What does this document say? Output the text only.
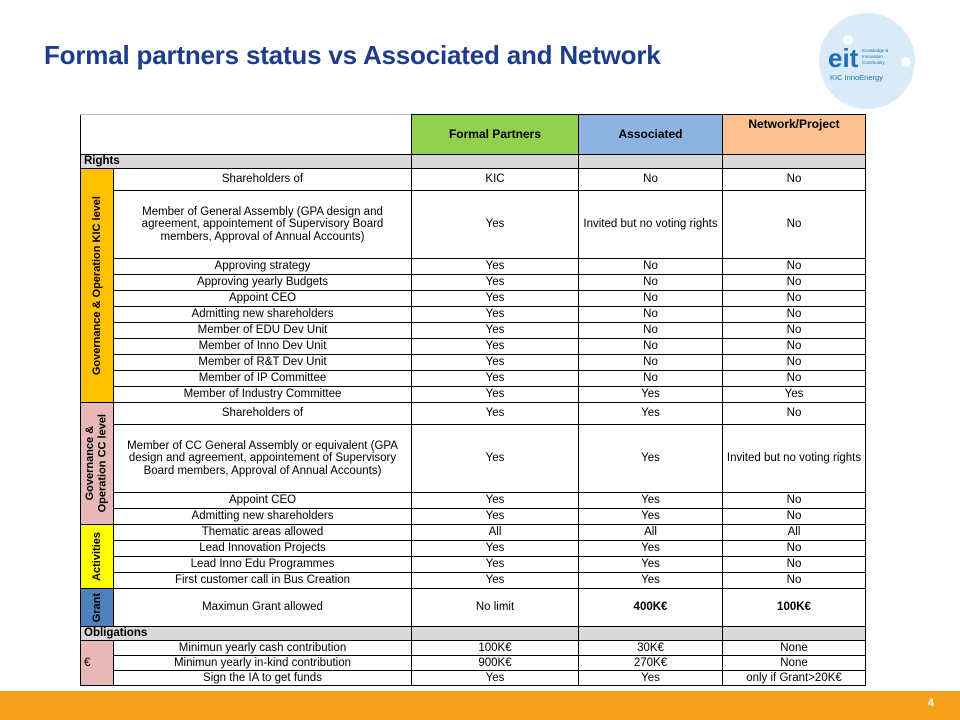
Formal partners status vs Associated and Network	eit Knowledge &
Innovation
Community
KIC InnoEnergy
		Formal Partners	Associated	Network/Project
Rights				

Governance & Operation KIC level	Shareholders of	KIC	No	No
	Member of General Assembly (GPA design and agreement, appointement of Supervisory Board members, Approval of Annual Accounts)	Yes	Invited but no voting rights	No
	Approving strategy	Yes	No	No
	Approving yearly Budgets	Yes	No	No
	Appoint CEO	Yes	No	No
	Admitting new shareholders	Yes	No	No
	Member of EDU Dev Unit	Yes	No	No
	Member of Inno Dev Unit	Yes	No	No
	Member of R&T Dev Unit	Yes	No	No
	Member of IP Committee	Yes	No	No
	Member of Industry Committee	Yes	Yes	Yes

Governance &
Operation CC level	Shareholders of	Yes	Yes	No
	Member of CC General Assembly or equivalent (GPA design and agreement, appointement of Supervisory Board members, Approval of Annual Accounts)	Yes	Yes	Invited but no voting rights
	Appoint CEO	Yes	Yes	No
	Admitting new shareholders	Yes	Yes	No

Activities	Thematic areas allowed	All	All	All
	Lead Innovation Projects	Yes	Yes	No
	Lead Inno Edu Programmes	Yes	Yes	No
	First customer call in Bus Creation	Yes	Yes	No

Grant	Maximun Grant allowed	No limit	400K€	100K€
Obligations				
€	Minimun yearly cash contribution	100K€	30K€	None
	Minimun yearly in-kind contribution	900K€	270K€	None
	Sign the IA to get funds	Yes	Yes	only if Grant>20K€
4
